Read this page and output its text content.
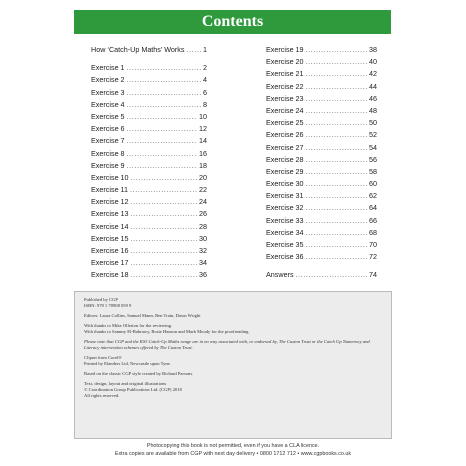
Contents
How ‘Catch-Up Maths’ Works .....	1
Exercise 1 .....	2
Exercise 2 .....	4
Exercise 3 .....	6
Exercise 4 .....	8
Exercise 5 .....	10
Exercise 6 .....	12
Exercise 7 .....	14
Exercise 8 .....	16
Exercise 9 .....	18
Exercise 10 .....	20
Exercise 11 .....	22
Exercise 12 .....	24
Exercise 13 .....	26
Exercise 14 .....	28
Exercise 15 .....	30
Exercise 16 .....	32
Exercise 17 .....	34
Exercise 18 .....	36
Exercise 19 .....	38
Exercise 20 .....	40
Exercise 21 .....	42
Exercise 22 .....	44
Exercise 23 .....	46
Exercise 24 .....	48
Exercise 25 .....	50
Exercise 26 .....	52
Exercise 27 .....	54
Exercise 28 .....	56
Exercise 29 .....	58
Exercise 30 .....	60
Exercise 31 .....	62
Exercise 32 .....	64
Exercise 33 .....	66
Exercise 34 .....	68
Exercise 35 .....	70
Exercise 36 .....	72
Answers .....	74

Published by CGP

ISBN: 978 1 78908 059 9

Editors: Laura Collins, Samuel Mann, Ben Train, Dawn Wright

With thanks to Mike Ollerton for the reviewing.

With thanks to Sammy El-Bahrawy, Rosie Hanson and Mark Moody for the proofreading.

Please note that CGP and the KS3 Catch-Up Maths range are in no way associated with, or endorsed by, The Caxton Trust or the Catch Up Numeracy and Literacy intervention schemes offered by The Caxton Trust.

Clipart from Corel®

Printed by Elanders Ltd, Newcastle upon Tyne.

Based on the classic CGP style created by Richard Parsons.

Text, design, layout and original illustrations

© Coordination Group Publications Ltd. (CGP) 2018

All rights reserved.

Photocopying this book is not permitted, even if you have a CLA licence.
Extra copies are available from CGP with next day delivery • 0800 1712 712 • www.cgpbooks.co.uk
